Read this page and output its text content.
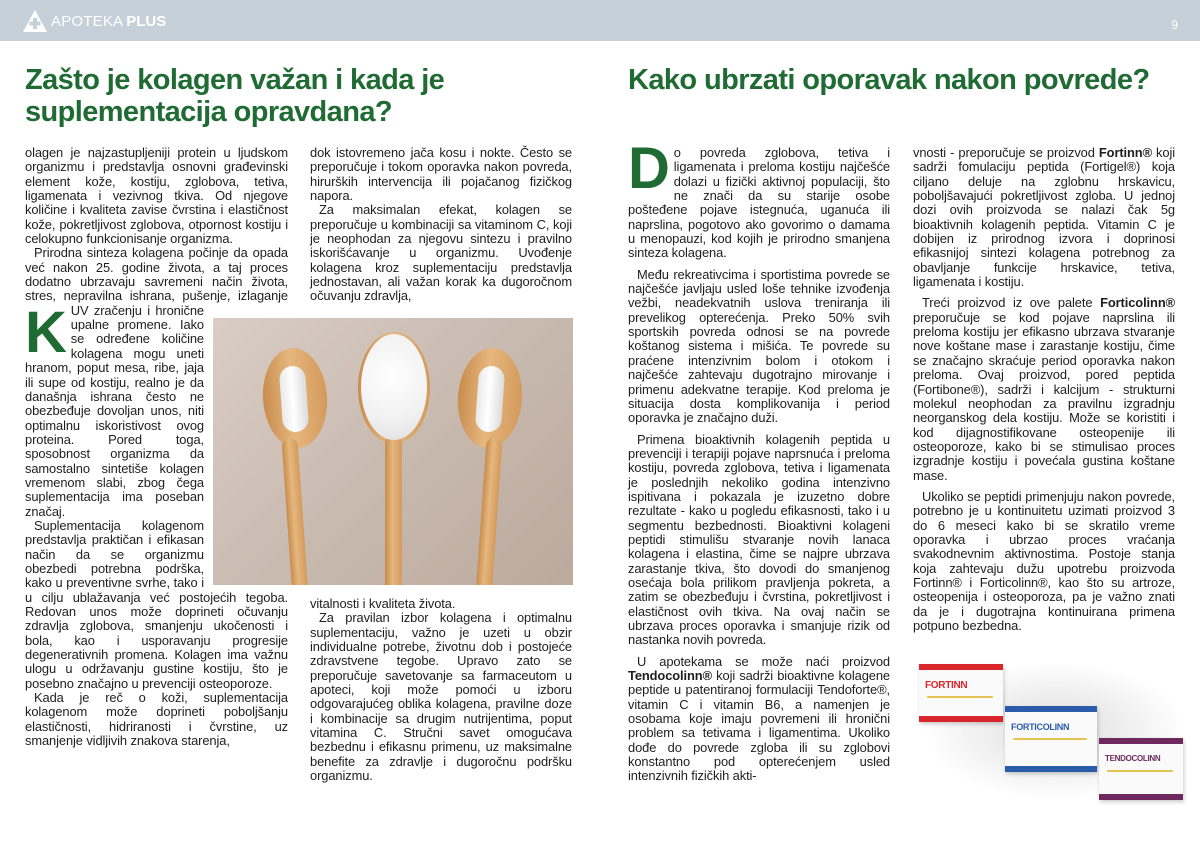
APOTEKA PLUS	9
Zašto je kolagen važan i kada je
suplementacija opravdana?

K
olagen je najzastupljeniji protein u ljudskom organizmu i predstavlja osnovni građevinski element kože, kostiju, zglobova, tetiva, ligamenata i vezivnog tkiva. Od njegove količine i kvaliteta zavise čvrstina i elastičnost kože, pokretljivost zglobova, otpornost kostiju i celokupno funkcionisanje organizma.

Prirodna sinteza kolagena počinje da opada već nakon 25. godine života, a taj proces dodatno ubrzavaju savremeni način života, stres, nepravilna ishrana, pušenje, izlaganje UV zračenju i hronične upalne promene. Iako se određene količine kolagena mogu uneti hranom, poput mesa, ribe, jaja ili supe od kostiju, realno je da današnja ishrana često ne obezbeđuje dovoljan unos, niti optimalnu iskoristivost ovog proteina. Pored toga, sposobnost organizma da samostalno sintetiše kolagen vremenom slabi, zbog čega suplementacija ima poseban značaj.

Suplementacija kolagenom predstavlja praktičan i efikasan način da se organizmu obezbedi potrebna podrška, kako u preventivne svrhe, tako i u cilju ublažavanja već postojećih tegoba. Redovan unos može doprineti očuvanju zdravlja zglobova, smanjenju ukočenosti i bola, kao i usporavanju progresije degenerativnih promena. Kolagen ima važnu ulogu u održavanju gustine kostiju, što je posebno značajno u prevenciji osteoporoze.

Kada je reč o koži, suplementacija kolagenom može doprineti poboljšanju elastičnosti, hidriranosti i čvrstine, uz smanjenje vidljivih znakova starenja,

dok istovremeno jača kosu i nokte. Često se preporučuje i tokom oporavka nakon povreda, hirurških intervencija ili pojačanog fizičkog napora.

Za maksimalan efekat, kolagen se preporučuje u kombinaciji sa vitaminom C, koji je neophodan za njegovu sintezu i pravilno iskorišćavanje u organizmu. Uvođenje kolagena kroz suplementaciju predstavlja jednostavan, ali važan korak ka dugoročnom očuvanju zdravlja,

vitalnosti i kvaliteta života.

Za pravilan izbor kolagena i optimalnu suplementaciju, važno je uzeti u obzir individualne potrebe, životnu dob i postojeće zdravstvene tegobe. Upravo zato se preporučuje savetovanje sa farmaceutom u apoteci, koji može pomoći u izboru odgovarajućeg oblika kolagena, pravilne doze i kombinacije sa drugim nutrijentima, poput vitamina C. Stručni savet omogućava bezbednu i efikasnu primenu, uz maksimalne benefite za zdravlje i dugoročnu podršku organizmu.

Kako ubrzati oporavak nakon povrede?

Do povreda zglobova, tetiva i ligamenata i preloma kostiju najčešće dolazi u fizički aktivnoj populaciji, što ne znači da su starije osobe pošteđene pojave istegnuća, uganuća ili naprslina, pogotovo ako govorimo o damama u menopauzi, kod kojih je prirodno smanjena sinteza kolagena.

Među rekreativcima i sportistima povrede se najčešće javljaju usled loše tehnike izvođenja vežbi, neadekvatnih uslova treniranja ili prevelikog opterećenja. Preko 50% svih sportskih povreda odnosi se na povrede koštanog sistema i mišića. Te povrede su praćene intenzivnim bolom i otokom i najčešće zahtevaju dugotrajno mirovanje i primenu adekvatne terapije. Kod preloma je situacija dosta komplikovanija i period oporavka je značajno duži.

Primena bioaktivnih kolagenih peptida u prevenciji i terapiji pojave naprsnuća i preloma kostiju, povreda zglobova, tetiva i ligamenata je poslednjih nekoliko godina intenzivno ispitivana i pokazala je izuzetno dobre rezultate - kako u pogledu efikasnosti, tako i u segmentu bezbednosti. Bioaktivni kolageni peptidi stimulišu stvaranje novih lanaca kolagena i elastina, čime se najpre ubrzava zarastanje tkiva, što dovodi do smanjenog osećaja bola prilikom pravljenja pokreta, a zatim se obezbeđuju i čvrstina, pokretljivost i elastičnost ovih tkiva. Na ovaj način se ubrzava proces oporavka i smanjuje rizik od nastanka novih povreda.

U apotekama se može naći proizvod Tendocolinn® koji sadrži bioaktivne kolagene peptide u patentiranoj formulaciji Tendoforte®, vitamin C i vitamin B6, a namenjen je osobama koje imaju povremeni ili hronični problem sa tetivama i ligamentima. Ukoliko dođe do povrede zgloba ili su zglobovi konstantno pod opterećenjem usled intenzivnih fizičkih akti-

vnosti - preporučuje se proizvod Fortinn® koji sadrži fomulaciju peptida (Fortigel®) koja ciljano deluje na zglobnu hrskavicu, poboljšavajući pokretljivost zgloba. U jednoj dozi ovih proizvoda se nalazi čak 5g bioaktivnih kolagenih peptida. Vitamin C je dobijen iz prirodnog izvora i doprinosi efikasnijoj sintezi kolagena potrebnog za obavljanje funkcije hrskavice, tetiva, ligamenata i kostiju.

Treći proizvod iz ove palete Forticolinn® preporučuje se kod pojave naprslina ili preloma kostiju jer efikasno ubrzava stvaranje nove koštane mase i zarastanje kostiju, čime se značajno skraćuje period oporavka nakon preloma. Ovaj proizvod, pored peptida (Fortibone®), sadrži i kalcijum - strukturni molekul neophodan za pravilnu izgradnju neorganskog dela kostiju. Može se koristiti i kod dijagnostifikovane osteopenije ili osteoporoze, kako bi se stimulisao proces izgradnje kostiju i povećala gustina koštane mase.

Ukoliko se peptidi primenjuju nakon povrede, potrebno je u kontinuitetu uzimati proizvod 3 do 6 meseci kako bi se skratilo vreme oporavka i ubrzao proces vraćanja svakodnevnim aktivnostima. Postoje stanja koja zahtevaju dužu upotrebu proizvoda Fortinn® i Forticolinn®, kao što su artroze, osteopenija i osteoporoza, pa je važno znati da je i dugotrajna kontinuirana primena potpuno bezbedna.

FORTINN
FORTICOLINN
TENDOCOLINN
